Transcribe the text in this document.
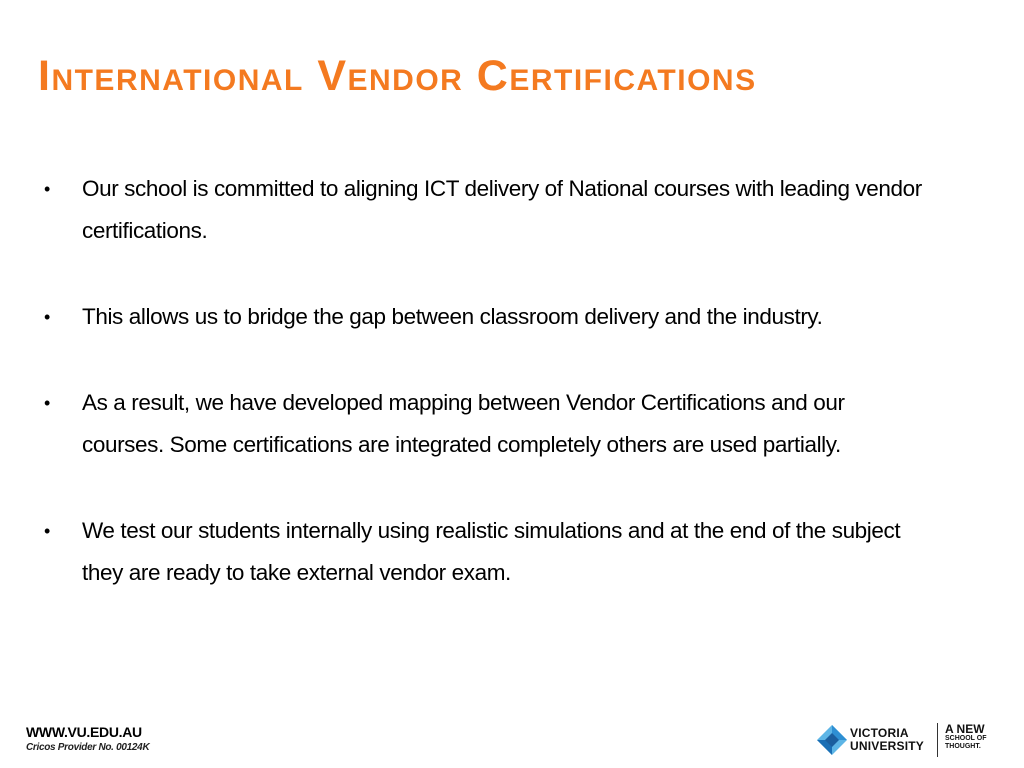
International Vendor Certifications
•	Our school is committed to aligning ICT delivery of National courses with leading vendor certifications.
•	This allows us to bridge the gap between classroom delivery and the industry.
•	As a result, we have developed mapping between Vendor Certifications and our courses. Some certifications are integrated completely others are used partially.
•	We test our students internally using realistic simulations and at the end of the subject they are ready to take external vendor exam.
WWW.VU.EDU.AU
Cricos Provider No. 00124K
VICTORIA
UNIVERSITY
A NEW
SCHOOL OF
THOUGHT.
